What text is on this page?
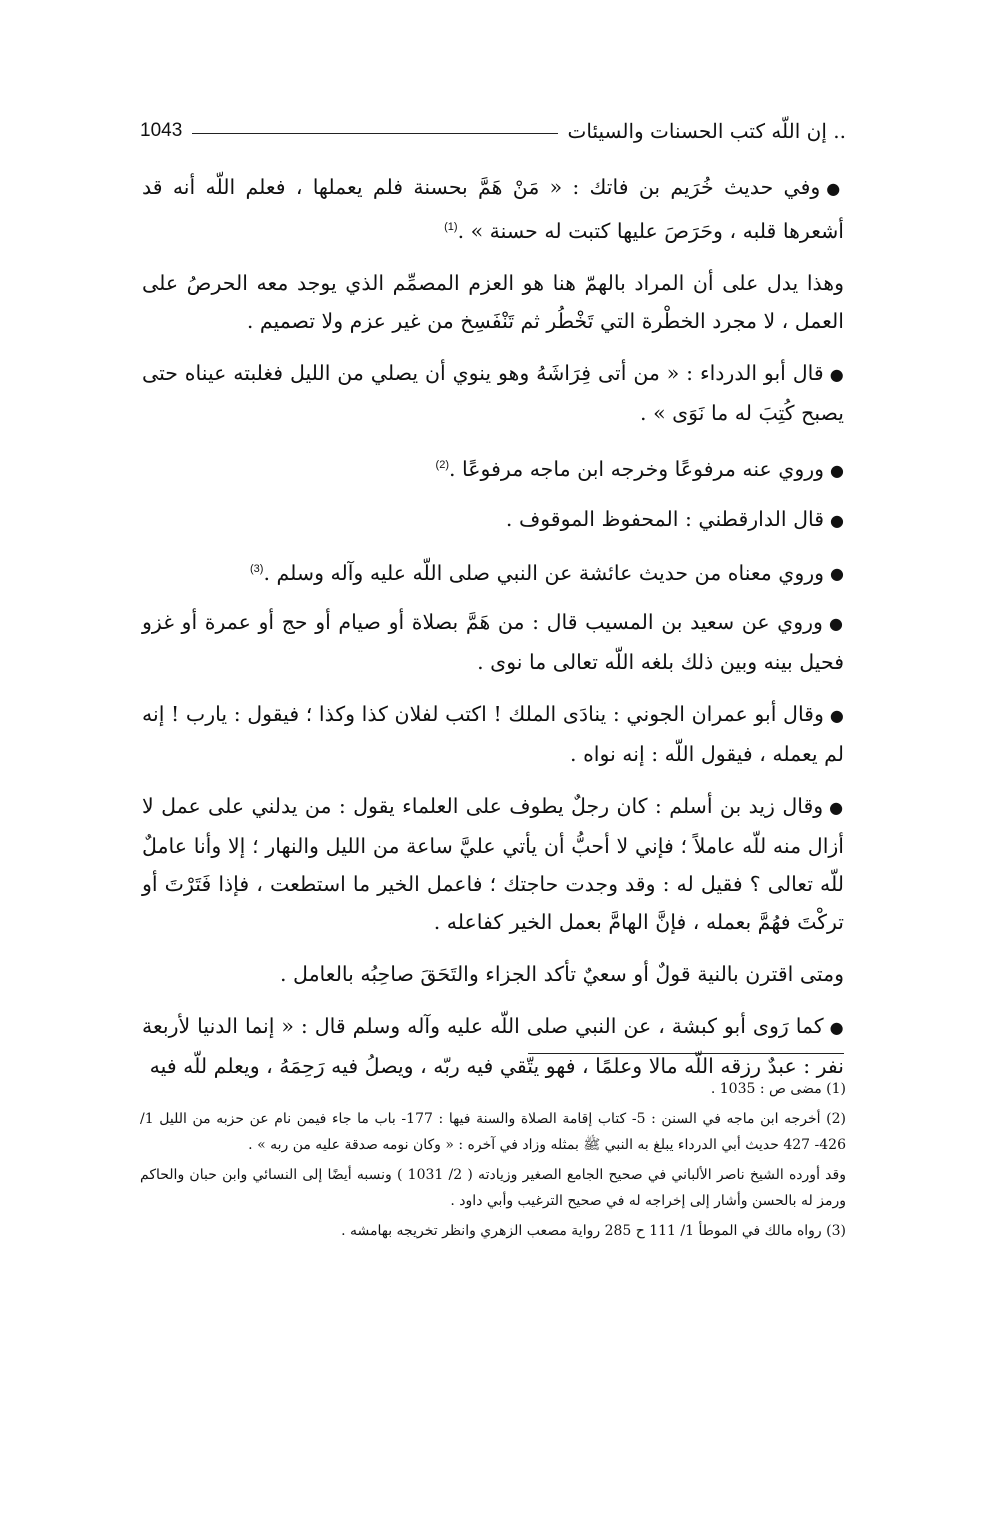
1043	إن اللّه كتب الحسنات والسيئات ..

●وفي حديث خُرَيم بن فاتك : « مَنْ هَمَّ بحسنة فلم يعملها ، فعلم اللّه أنه قد أشعرها قلبه ، وحَرَصَ عليها كتبت له حسنة » .$^{(1)}$

وهذا يدل على أن المراد بالهمّ هنا هو العزم المصمِّم الذي يوجد معه الحرصُ على العمل ، لا مجرد الخطْرة التي تَخْطُر ثم تَنْفَسِخ من غير عزم ولا تصميم .

●قال أبو الدرداء : « من أتى فِرَاشَهُ وهو ينوي أن يصلي من الليل فغلبته عيناه حتى يصبح كُتِبَ له ما نَوَى » .

●وروي عنه مرفوعًا وخرجه ابن ماجه مرفوعًا .$^{(2)}$

●قال الدارقطني : المحفوظ الموقوف .

●وروي معناه من حديث عائشة عن النبي صلى اللّه عليه وآله وسلم .$^{(3)}$

●وروي عن سعيد بن المسيب قال : من هَمَّ بصلاة أو صيام أو حج أو عمرة أو غزو فحيل بينه وبين ذلك بلغه اللّه تعالى ما نوى .

●وقال أبو عمران الجوني : ينادَى الملك ! اكتب لفلان كذا وكذا ؛ فيقول : يارب ! إنه لم يعمله ، فيقول اللّه : إنه نواه .

●وقال زيد بن أسلم : كان رجلٌ يطوف على العلماء يقول : من يدلني على عمل لا أزال منه للّه عاملاً ؛ فإني لا أحبُّ أن يأتي عليَّ ساعة من الليل والنهار ؛ إلا وأنا عاملٌ للّه تعالى ؟ فقيل له : وقد وجدت حاجتك ؛ فاعمل الخير ما استطعت ، فإذا فَتَرْتَ أو تركْتَ فهُمَّ بعمله ، فإنَّ الهامَّ بعمل الخير كفاعله .

ومتى اقترن بالنية قولٌ أو سعيٌ تأكد الجزاء والتَحَقَ صاحِبُه بالعامل .

●كما رَوى أبو كبشة ، عن النبي صلى اللّه عليه وآله وسلم قال : « إنما الدنيا لأربعة نفر : عبدٌ رزقه اللّه مالا وعلمًا ، فهو يتّقي فيه ربّه ، ويصلُ فيه رَحِمَهُ ، ويعلم للّه فيه

(1) مضى ص : 1035 .

(2) أخرجه ابن ماجه في السنن : 5- كتاب إقامة الصلاة والسنة فيها : 177- باب ما جاء فيمن نام عن حزبه من الليل 1/ 426- 427 حديث أبي الدرداء يبلغ به النبي ﷺ بمثله وزاد في آخره : « وكان نومه صدقة عليه من ربه » .

وقد أورده الشيخ ناصر الألباني في صحيح الجامع الصغير وزيادته ( 2/ 1031 ) ونسبه أيضًا إلى النسائي وابن حبان والحاكم ورمز له بالحسن وأشار إلى إخراجه له في صحيح الترغيب وأبي داود .

(3) رواه مالك في الموطأ 1/ 111 ح 285 رواية مصعب الزهري وانظر تخريجه بهامشه .
